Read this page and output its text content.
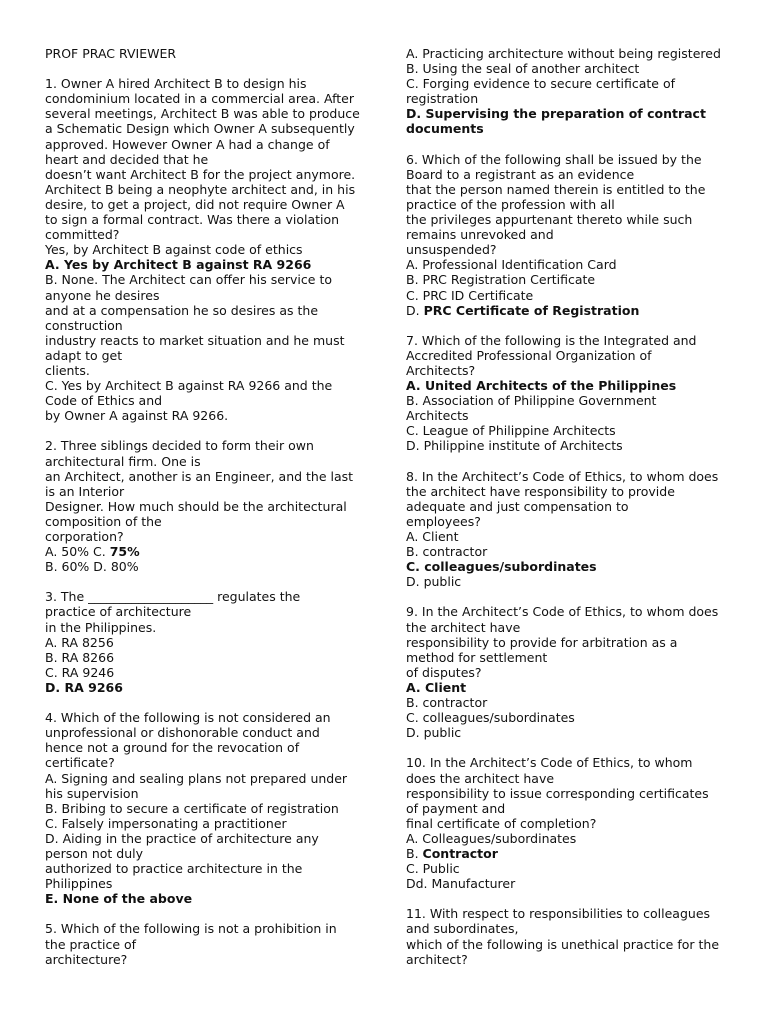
PROF PRAC RVIEWER
1. Owner A hired Architect B to design his
condominium located in a commercial area. After
several meetings, Architect B was able to produce
a Schematic Design which Owner A subsequently
approved. However Owner A had a change of
heart and decided that he
doesn’t want Architect B for the project anymore.
Architect B being a neophyte architect and, in his
desire, to get a project, did not require Owner A
to sign a formal contract. Was there a violation
committed?
Yes, by Architect B against code of ethics
A. Yes by Architect B against RA 9266
B. None. The Architect can offer his service to
anyone he desires
and at a compensation he so desires as the
construction
industry reacts to market situation and he must
adapt to get
clients.
C. Yes by Architect B against RA 9266 and the
Code of Ethics and
by Owner A against RA 9266.
2. Three siblings decided to form their own
architectural firm. One is
an Architect, another is an Engineer, and the last
is an Interior
Designer. How much should be the architectural
composition of the
corporation?
A. 50% C. 75%
B. 60% D. 80%
3. The ____________________ regulates the
practice of architecture
in the Philippines.
A. RA 8256
B. RA 8266
C. RA 9246
D. RA 9266
4. Which of the following is not considered an
unprofessional or dishonorable conduct and
hence not a ground for the revocation of
certificate?
A. Signing and sealing plans not prepared under
his supervision
B. Bribing to secure a certificate of registration
C. Falsely impersonating a practitioner
D. Aiding in the practice of architecture any
person not duly
authorized to practice architecture in the
Philippines
E. None of the above
5. Which of the following is not a prohibition in
the practice of
architecture?
A. Practicing architecture without being registered
B. Using the seal of another architect
C. Forging evidence to secure certificate of
registration
D. Supervising the preparation of contract
documents
6. Which of the following shall be issued by the
Board to a registrant as an evidence
that the person named therein is entitled to the
practice of the profession with all
the privileges appurtenant thereto while such
remains unrevoked and
unsuspended?
A. Professional Identification Card
B. PRC Registration Certificate
C. PRC ID Certificate
D. PRC Certificate of Registration
7. Which of the following is the Integrated and
Accredited Professional Organization of
Architects?
A. United Architects of the Philippines
B. Association of Philippine Government
Architects
C. League of Philippine Architects
D. Philippine institute of Architects
8. In the Architect’s Code of Ethics, to whom does
the architect have responsibility to provide
adequate and just compensation to
employees?
A. Client
B. contractor
C. colleagues/subordinates
D. public
9. In the Architect’s Code of Ethics, to whom does
the architect have
responsibility to provide for arbitration as a
method for settlement
of disputes?
A. Client
B. contractor
C. colleagues/subordinates
D. public
10. In the Architect’s Code of Ethics, to whom
does the architect have
responsibility to issue corresponding certificates
of payment and
final certificate of completion?
A. Colleagues/subordinates
B. Contractor
C. Public
Dd. Manufacturer
11. With respect to responsibilities to colleagues
and subordinates,
which of the following is unethical practice for the
architect?
